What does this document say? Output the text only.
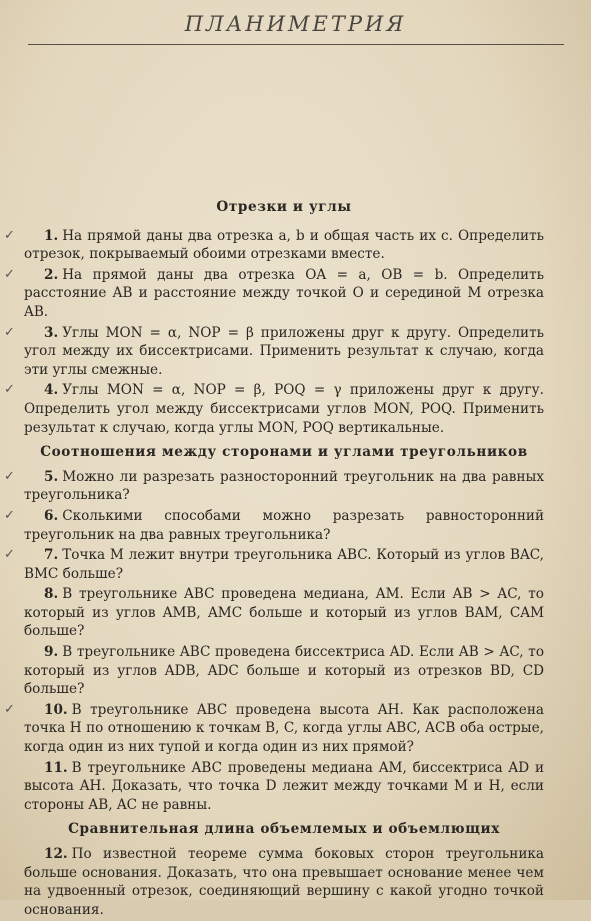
ПЛАНИМЕТРИЯ
Отрезки и углы

✓ 1. На прямой даны два отрезка a, b и общая часть их c. Определить отрезок, покрываемый обоими отрезками вместе.

✓ 2. На прямой даны два отрезка OA = a, OB = b. Определить расстояние AB и расстояние между точкой O и серединой M отрезка AB.

✓ 3. Углы MON = α, NOP = β приложены друг к другу. Определить угол между их биссектрисами. Применить результат к случаю, когда эти углы смежные.

✓ 4. Углы MON = α, NOP = β, POQ = γ приложены друг к другу. Определить угол между биссектрисами углов MON, POQ. Применить результат к случаю, когда углы MON, POQ вертикальные.

Соотношения между сторонами и углами треугольников

✓ 5. Можно ли разрезать разносторонний треугольник на два равных треугольника?

✓ 6. Сколькими способами можно разрезать равносторонний треугольник на два равных треугольника?

✓ 7. Точка M лежит внутри треугольника ABC. Который из углов BAC, BMC больше?

8. В треугольнике ABC проведена медиана, AM. Если AB > AC, то который из углов AMB, AMC больше и который из углов BAM, CAM больше?

9. В треугольнике ABC проведена биссектриса AD. Если AB > AC, то который из углов ADB, ADC больше и который из отрезков BD, CD больше?

✓ 10. В треугольнике ABC проведена высота AH. Как расположена точка H по отношению к точкам B, C, когда углы ABC, ACB оба острые, когда один из них тупой и когда один из них прямой?

11. В треугольнике ABC проведены медиана AM, биссектриса AD и высота AH. Доказать, что точка D лежит между точками M и H, если стороны AB, AC не равны.

Сравнительная длина объемлемых и объемлющих

12. По известной теореме сумма боковых сторон треугольника больше основания. Доказать, что она превышает основание менее чем на удвоенный отрезок, соединяющий вершину с какой угодно точкой основания.
